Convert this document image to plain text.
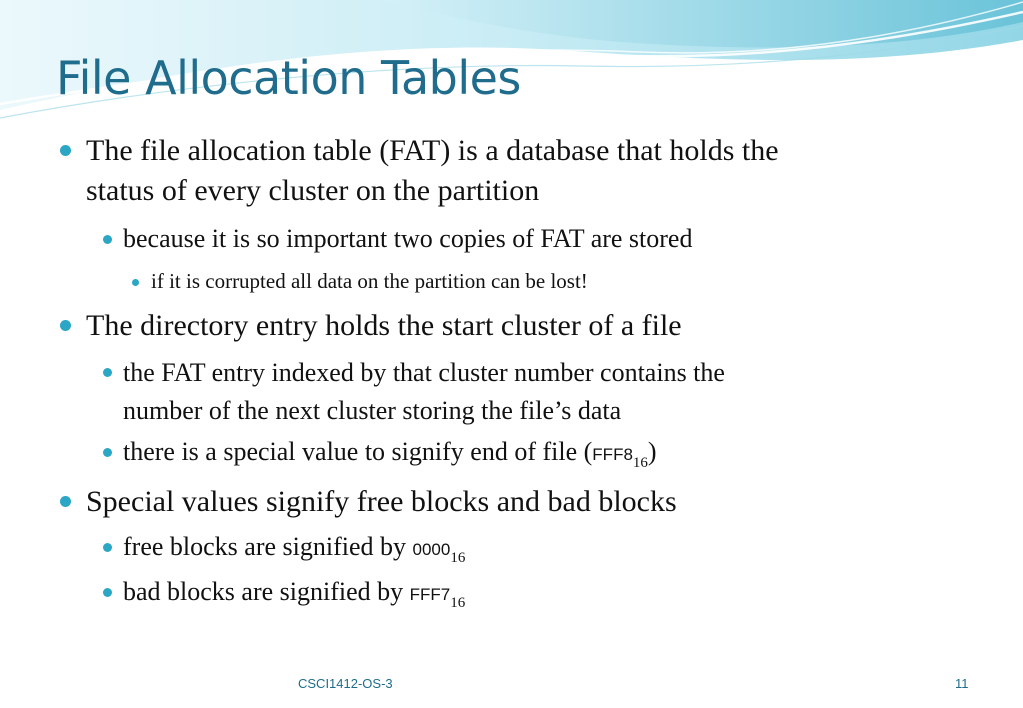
File Allocation Tables
The file allocation table (FAT) is a database that holds the
status of every cluster on the partition
because it is so important two copies of FAT are stored
if it is corrupted all data on the partition can be lost!
The directory entry holds the start cluster of a file
the FAT entry indexed by that cluster number contains the
number of the next cluster storing the file’s data
there is a special value to signify end of file $(FFF8_{16})$
Special values signify free blocks and bad blocks
free blocks are signified by $0000_{16}$
bad blocks are signified by $FFF7_{16}$
CSCI1412-OS-3	11
